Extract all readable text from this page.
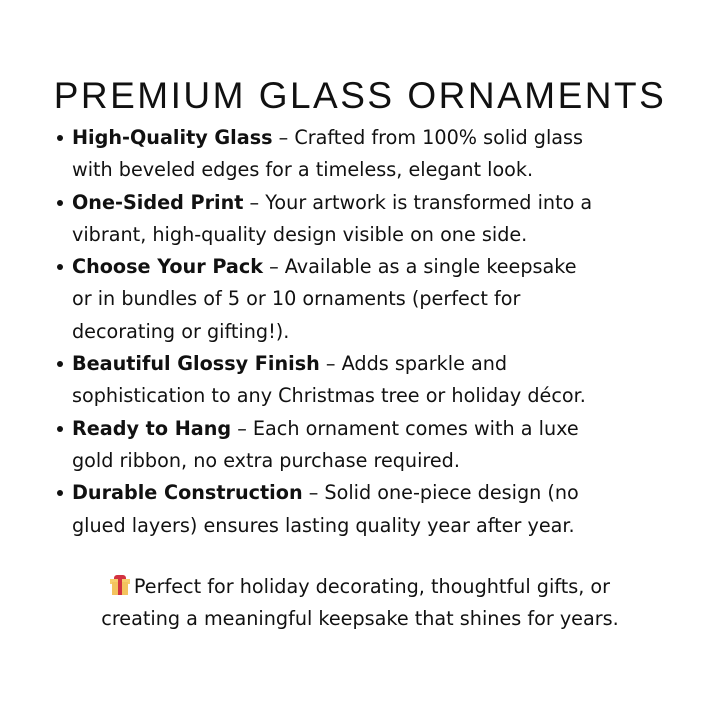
PREMIUM GLASS ORNAMENTS
High-Quality Glass – Crafted from 100% solid glass
with beveled edges for a timeless, elegant look.
One-Sided Print – Your artwork is transformed into a
vibrant, high-quality design visible on one side.
Choose Your Pack – Available as a single keepsake
or in bundles of 5 or 10 ornaments (perfect for
decorating or gifting!).
Beautiful Glossy Finish – Adds sparkle and
sophistication to any Christmas tree or holiday décor.
Ready to Hang – Each ornament comes with a luxe
gold ribbon, no extra purchase required.
Durable Construction – Solid one-piece design (no
glued layers) ensures lasting quality year after year.
Perfect for holiday decorating, thoughtful gifts, or
creating a meaningful keepsake that shines for years.
